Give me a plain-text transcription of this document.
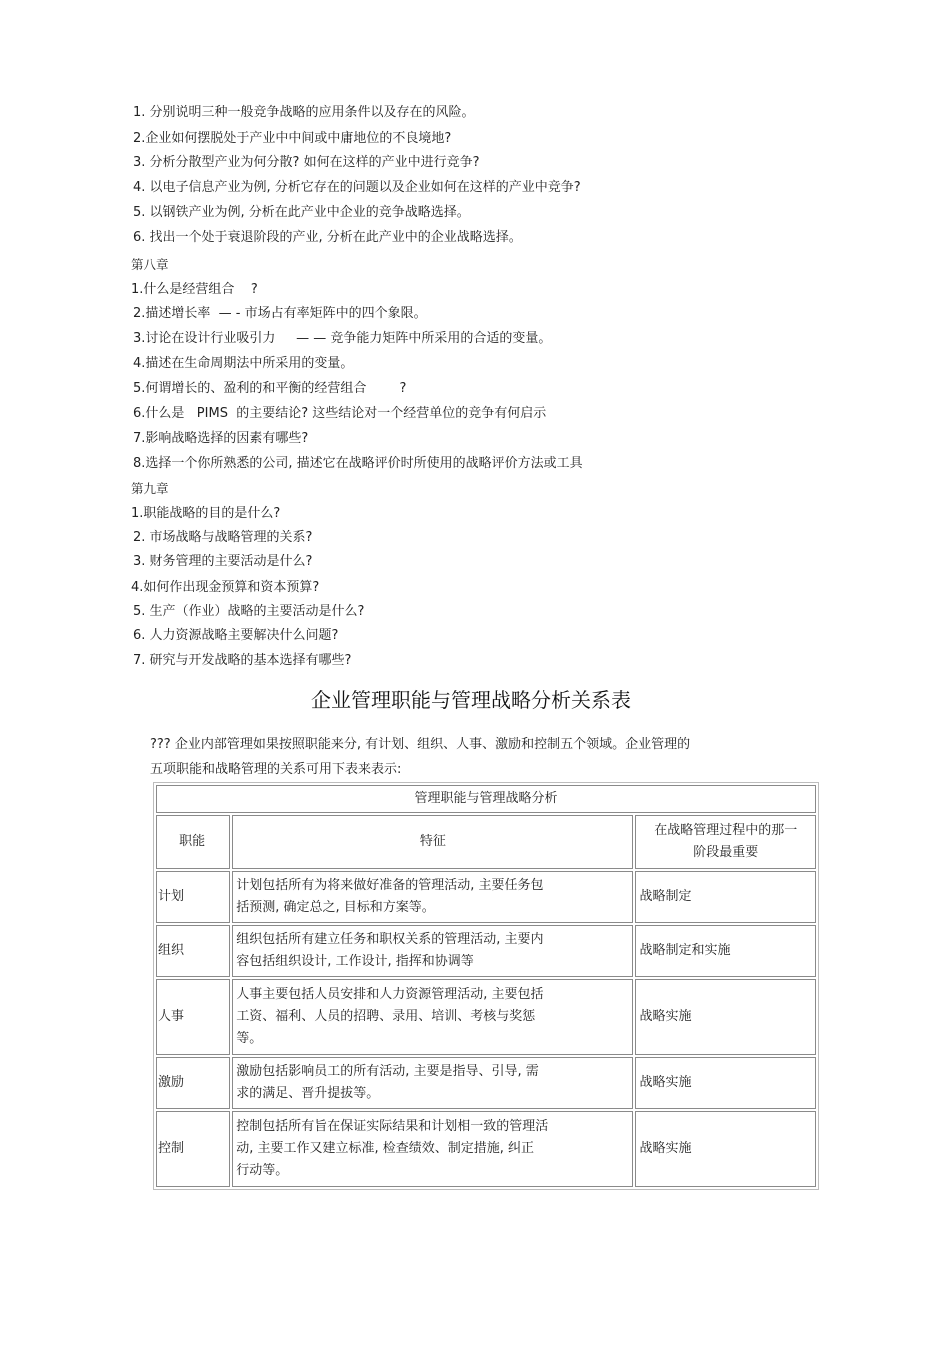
1. 分别说明三种一般竞争战略的应用条件以及存在的风险。
2.企业如何摆脱处于产业中中间或中庸地位的不良境地?
3. 分析分散型产业为何分散? 如何在这样的产业中进行竞争?
4. 以电子信息产业为例, 分析它存在的问题以及企业如何在这样的产业中竞争?
5. 以钢铁产业为例, 分析在此产业中企业的竞争战略选择。
6. 找出一个处于衰退阶段的产业, 分析在此产业中的企业战略选择。
第八章
1.什么是经营组合    ?
2.描述增长率  — - 市场占有率矩阵中的四个象限。
3.讨论在设计行业吸引力     — — 竞争能力矩阵中所采用的合适的变量。
4.描述在生命周期法中所采用的变量。
5.何谓增长的、盈利的和平衡的经营组合        ?
6.什么是   PIMS  的主要结论? 这些结论对一个经营单位的竞争有何启示
7.影响战略选择的因素有哪些?
8.选择一个你所熟悉的公司, 描述它在战略评价时所使用的战略评价方法或工具
第九章
1.职能战略的目的是什么?
2. 市场战略与战略管理的关系?
3. 财务管理的主要活动是什么?
4.如何作出现金预算和资本预算?
5. 生产（作业）战略的主要活动是什么?
6. 人力资源战略主要解决什么问题?
7. 研究与开发战略的基本选择有哪些?
企业管理职能与管理战略分析关系表
??? 企业内部管理如果按照职能来分, 有计划、组织、人事、激励和控制五个领域。企业管理的
五项职能和战略管理的关系可用下表来表示:
管理职能与管理战略分析		
职能	特征	在战略管理过程中的那一
阶段最重要

计划	计划包括所有为将来做好准备的管理活动, 主要任务包
括预测, 确定总之, 目标和方案等。	战略制定
组织	组织包括所有建立任务和职权关系的管理活动, 主要内
容包括组织设计, 工作设计, 指挥和协调等	战略制定和实施
人事	人事主要包括人员安排和人力资源管理活动, 主要包括
工资、福利、人员的招聘、录用、培训、考核与奖惩
等。	战略实施
激励	激励包括影响员工的所有活动, 主要是指导、引导, 需
求的满足、晋升提拔等。	战略实施
控制	控制包括所有旨在保证实际结果和计划相一致的管理活
动, 主要工作又建立标准, 检查绩效、制定措施, 纠正
行动等。	战略实施
